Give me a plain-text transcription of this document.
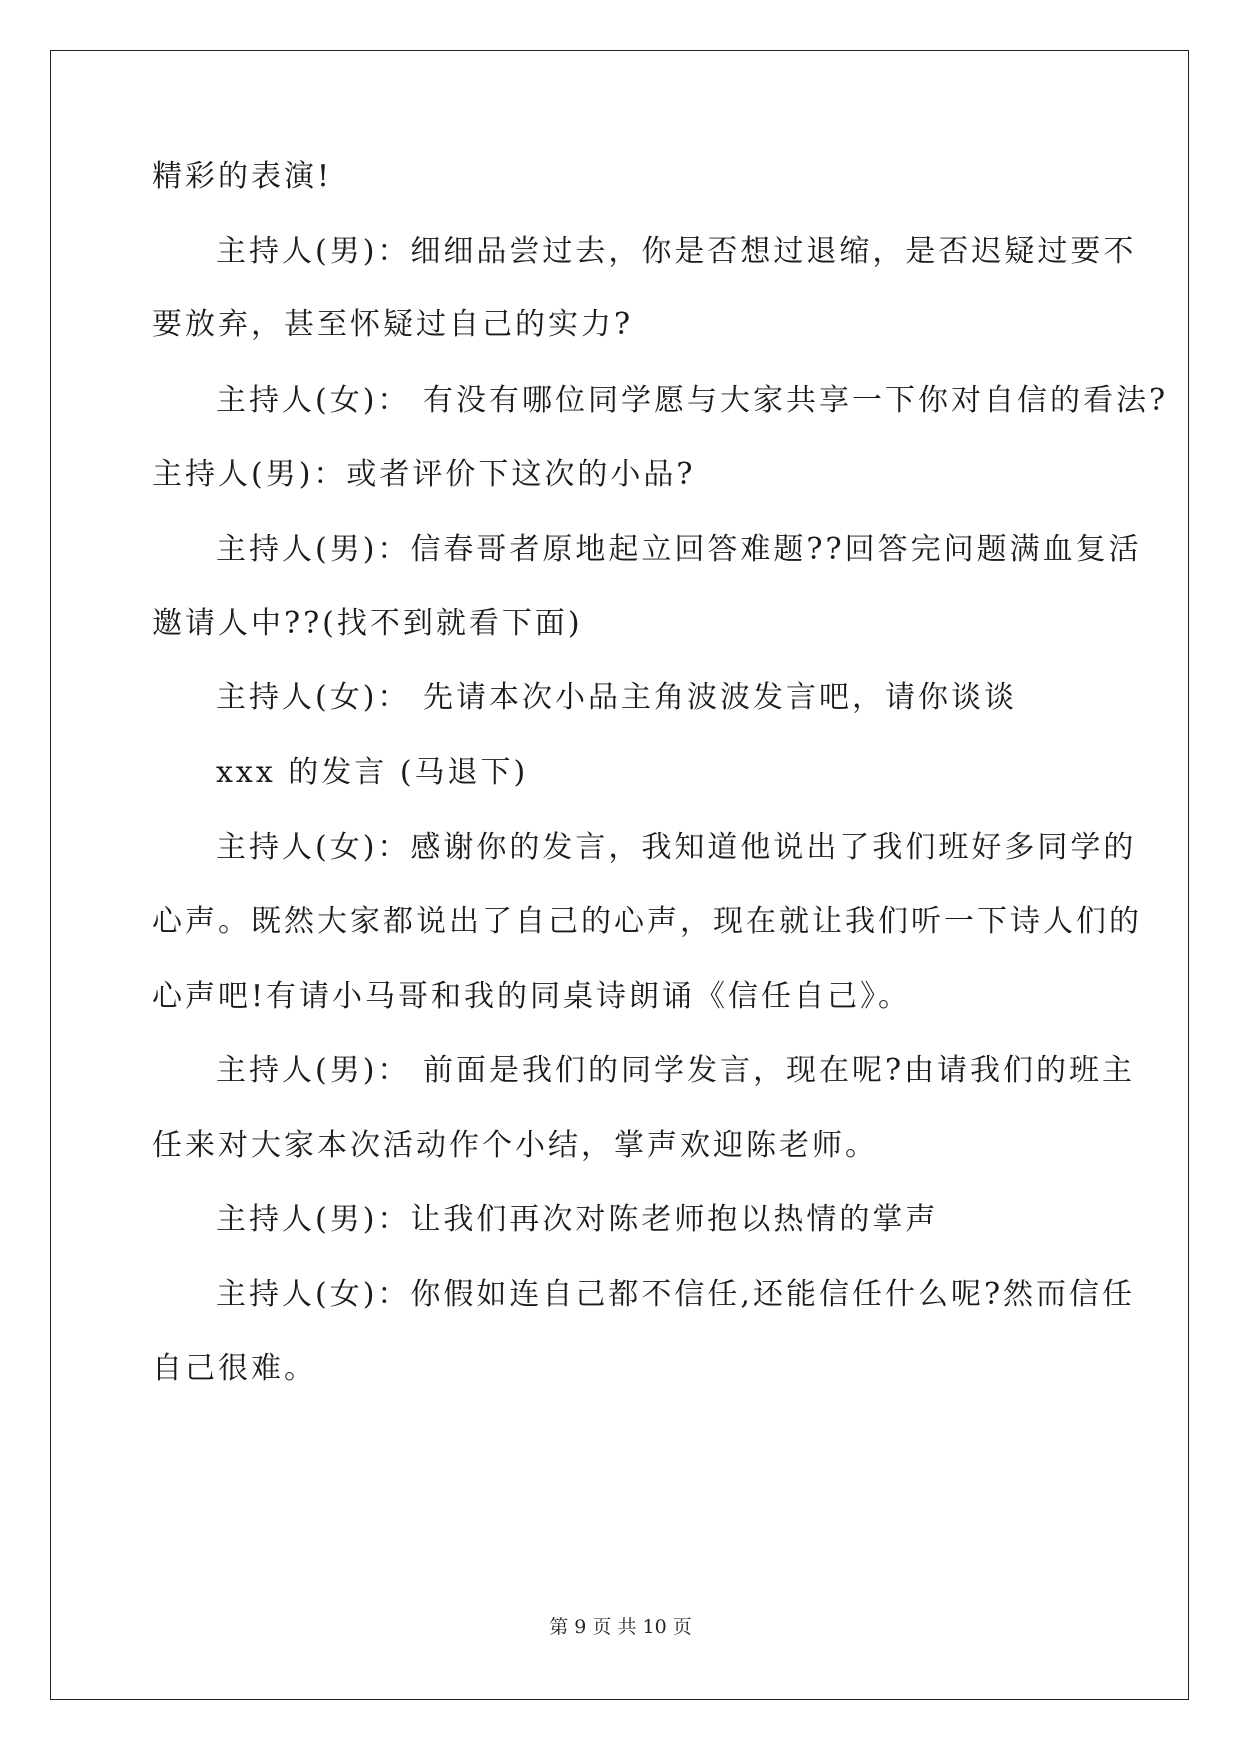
精彩的表演!
主持人(男)：细细品尝过去，你是否想过退缩，是否迟疑过要不
要放弃，甚至怀疑过自己的实力?
主持人(女)： 有没有哪位同学愿与大家共享一下你对自信的看法?
主持人(男)：或者评价下这次的小品?
主持人(男)：信春哥者原地起立回答难题??回答完问题满血复活
邀请人中??(找不到就看下面)
主持人(女)： 先请本次小品主角波波发言吧，请你谈谈
xxx 的发言 (马退下)
主持人(女)：感谢你的发言，我知道他说出了我们班好多同学的
心声。既然大家都说出了自己的心声，现在就让我们听一下诗人们的
心声吧!有请小马哥和我的同桌诗朗诵《信任自己》。
主持人(男)： 前面是我们的同学发言，现在呢?由请我们的班主
任来对大家本次活动作个小结，掌声欢迎陈老师。
主持人(男)：让我们再次对陈老师抱以热情的掌声
主持人(女)：你假如连自己都不信任,还能信任什么呢?然而信任
自己很难。
第 9 页 共 10 页
